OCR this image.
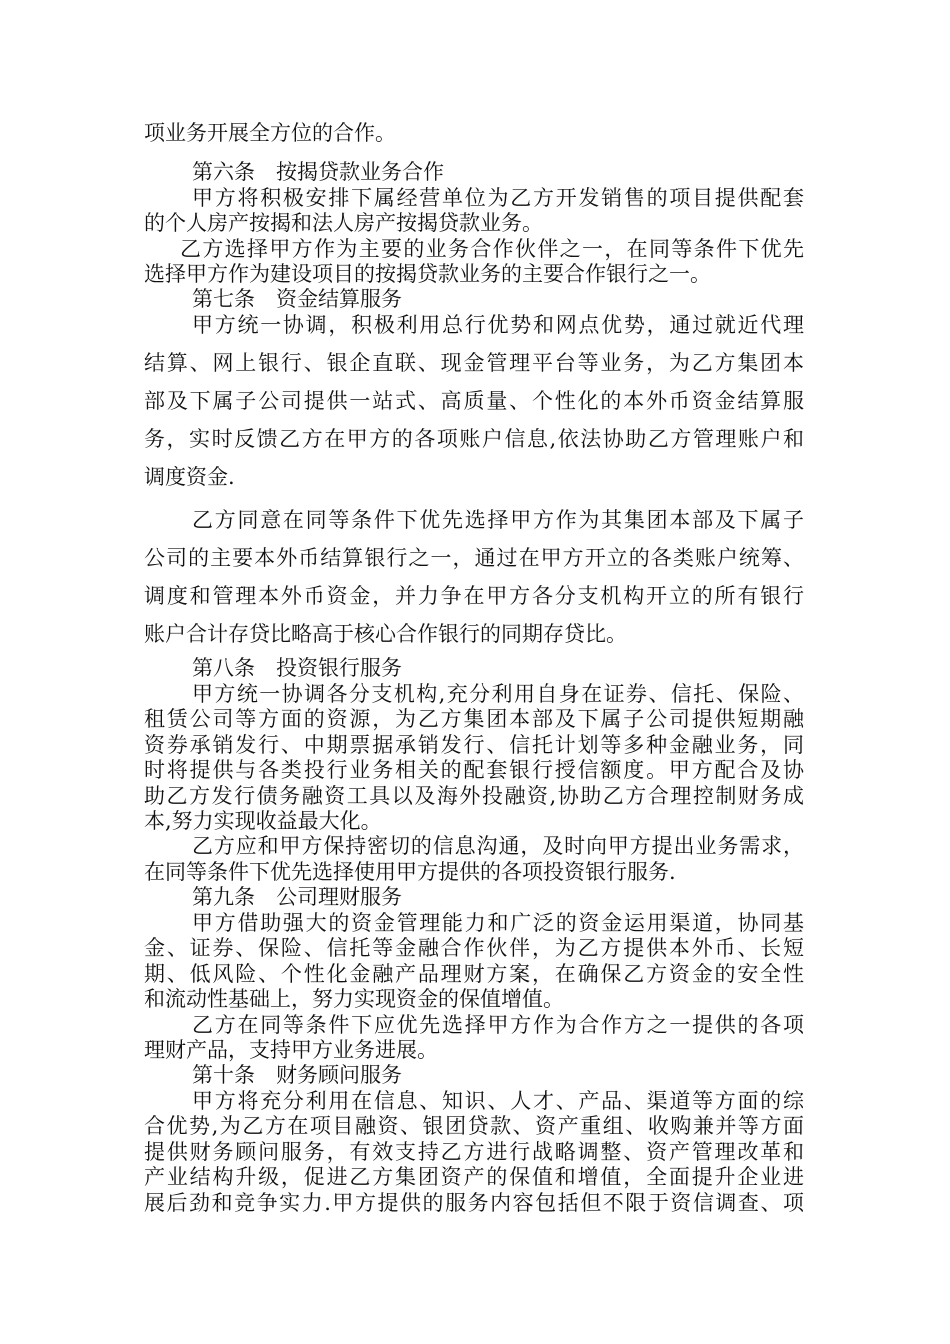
项业务开展全方位的合作。
第六条　按揭贷款业务合作
甲方将积极安排下属经营单位为乙方开发销售的项目提供配套
的个人房产按揭和法人房产按揭贷款业务。
乙方选择甲方作为主要的业务合作伙伴之一，在同等条件下优先
选择甲方作为建设项目的按揭贷款业务的主要合作银行之一。
第七条　资金结算服务
甲方统一协调，积极利用总行优势和网点优势，通过就近代理
结算、网上银行、银企直联、现金管理平台等业务，为乙方集团本
部及下属子公司提供一站式、高质量、个性化的本外币资金结算服
务，实时反馈乙方在甲方的各项账户信息,依法协助乙方管理账户和
调度资金.
乙方同意在同等条件下优先选择甲方作为其集团本部及下属子
公司的主要本外币结算银行之一，通过在甲方开立的各类账户统筹、
调度和管理本外币资金，并力争在甲方各分支机构开立的所有银行
账户合计存贷比略高于核心合作银行的同期存贷比。
第八条　投资银行服务
甲方统一协调各分支机构,充分利用自身在证券、信托、保险、
租赁公司等方面的资源，为乙方集团本部及下属子公司提供短期融
资券承销发行、中期票据承销发行、信托计划等多种金融业务，同
时将提供与各类投行业务相关的配套银行授信额度。甲方配合及协
助乙方发行债务融资工具以及海外投融资,协助乙方合理控制财务成
本,努力实现收益最大化。
乙方应和甲方保持密切的信息沟通，及时向甲方提出业务需求，
在同等条件下优先选择使用甲方提供的各项投资银行服务.
第九条　公司理财服务
甲方借助强大的资金管理能力和广泛的资金运用渠道，协同基
金、证券、保险、信托等金融合作伙伴，为乙方提供本外币、长短
期、低风险、个性化金融产品理财方案，在确保乙方资金的安全性
和流动性基础上，努力实现资金的保值增值。
乙方在同等条件下应优先选择甲方作为合作方之一提供的各项
理财产品，支持甲方业务进展。
第十条　财务顾问服务
甲方将充分利用在信息、知识、人才、产品、渠道等方面的综
合优势,为乙方在项目融资、银团贷款、资产重组、收购兼并等方面
提供财务顾问服务，有效支持乙方进行战略调整、资产管理改革和
产业结构升级，促进乙方集团资产的保值和增值，全面提升企业进
展后劲和竞争实力.甲方提供的服务内容包括但不限于资信调查、项
